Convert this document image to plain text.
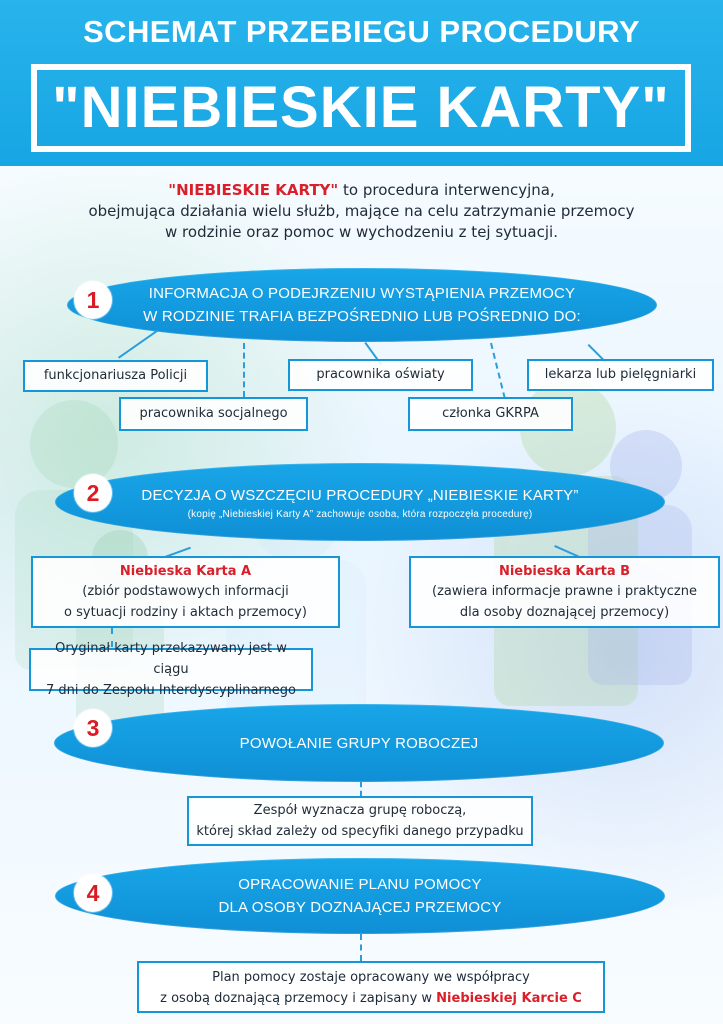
SCHEMAT PRZEBIEGU PROCEDURY
"NIEBIESKIE KARTY"
"NIEBIESKIE KARTY" to procedura interwencyjna,
obejmująca działania wielu służb, mające na celu zatrzymanie przemocy
w rodzinie oraz pomoc w wychodzeniu z tej sytuacji.
INFORMACJA O PODEJRZENIU WYSTĄPIENIA PRZEMOCY
W RODZINIE TRAFIA BEZPOŚREDNIO LUB POŚREDNIO DO:
1
funkcjonariusza Policji
pracownika socjalnego
pracownika oświaty
członka GKRPA
lekarza lub pielęgniarki

DECYZJA O WSZCZĘCIU PROCEDURY „NIEBIESKIE KARTY”

(kopię „Niebieskiej Karty A” zachowuje osoba, która rozpoczęła procedurę)

2
Niebieska Karta A
(zbiór podstawowych informacji
o sytuacji rodziny i aktach przemocy)
Niebieska Karta B
(zawiera informacje prawne i praktyczne
dla osoby doznającej przemocy)
Oryginał karty przekazywany jest w ciągu
7 dni do Zespołu Interdyscyplinarnego
POWOŁANIE GRUPY ROBOCZEJ
3
Zespół wyznacza grupę roboczą,
której skład zależy od specyfiki danego przypadku
OPRACOWANIE PLANU POMOCY
DLA OSOBY DOZNAJĄCEJ PRZEMOCY
4
Plan pomocy zostaje opracowany we współpracy
z osobą doznającą przemocy i zapisany w Niebieskiej Karcie C
